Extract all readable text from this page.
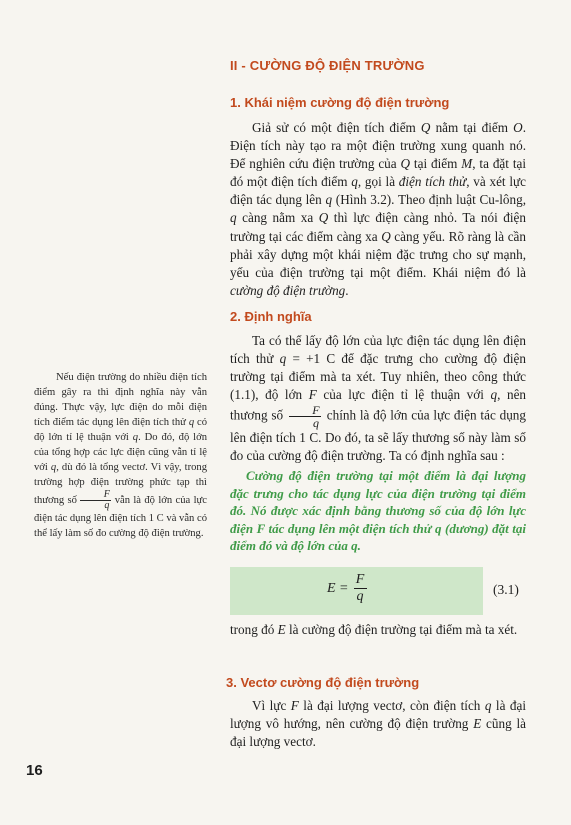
II - CƯỜNG ĐỘ ĐIỆN TRƯỜNG
1. Khái niệm cường độ điện trường

Giả sử có một điện tích điểm Q nằm tại điểm O. Điện tích này tạo ra một điện trường xung quanh nó. Để nghiên cứu điện trường của Q tại điểm M, ta đặt tại đó một điện tích điểm q, gọi là điện tích thử, và xét lực điện tác dụng lên q (Hình 3.2). Theo định luật Cu-lông, q càng nằm xa Q thì lực điện càng nhỏ. Ta nói điện trường tại các điểm càng xa Q càng yếu. Rõ ràng là cần phải xây dựng một khái niệm đặc trưng cho sự mạnh, yếu của điện trường tại một điểm. Khái niệm đó là cường độ điện trường.

2. Định nghĩa

Ta có thể lấy độ lớn của lực điện tác dụng lên điện tích thử q = +1 C để đặc trưng cho cường độ điện trường tại điểm mà ta xét. Tuy nhiên, theo công thức (1.1), độ lớn F của lực điện tỉ lệ thuận với q, nên thương số $\frac{F}{q}$ chính là độ lớn của lực điện tác dụng lên điện tích 1 C. Do đó, ta sẽ lấy thương số này làm số đo của cường độ điện trường. Ta có định nghĩa sau :

Cường độ điện trường tại một điểm là đại lượng đặc trưng cho tác dụng lực của điện trường tại điểm đó. Nó được xác định bằng thương số của độ lớn lực điện F tác dụng lên một điện tích thử q (dương) đặt tại điểm đó và độ lớn của q.
$E = \frac{F}{q}$	(3.1)

trong đó E là cường độ điện trường tại điểm mà ta xét.

3. Vectơ cường độ điện trường

Vì lực F là đại lượng vectơ, còn điện tích q là đại lượng vô hướng, nên cường độ điện trường E cũng là đại lượng vectơ.

Nếu điện trường do nhiều điện tích điểm gây ra thì định nghĩa này vẫn đúng. Thực vậy, lực điện do mỗi điện tích điểm tác dụng lên điện tích thử q có độ lớn tỉ lệ thuận với q. Do đó, độ lớn của tổng hợp các lực điện cũng vẫn tỉ lệ với q, dù đó là tổng vectơ. Vì vậy, trong trường hợp điện trường phức tạp thì thương số $\frac{F}{q}$ vẫn là độ lớn của lực điện tác dụng lên điện tích 1 C và vẫn có thể lấy làm số đo cường độ điện trường.

16
